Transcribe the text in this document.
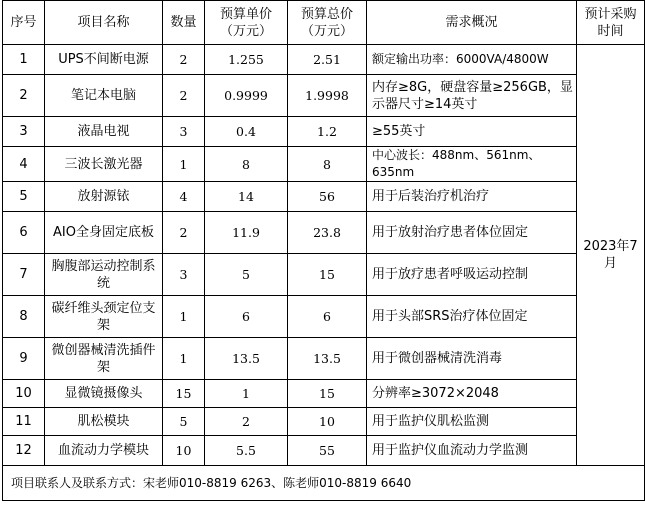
序号	项目名称	数量	预算单价（万元）	预算总价（万元）	需求概况	预计采购时间
1	UPS不间断电源	2	1.255	2.51	额定输出功率：6000VA/4800W	2023年7月
2	笔记本电脑	2	0.9999	1.9998	内存≥8G，硬盘容量≥256GB，显示器尺寸≥14英寸	
3	液晶电视	3	0.4	1.2	≥55英寸	
4	三波长激光器	1	8	8	中心波长：488nm、561nm、635nm	
5	放射源铱	4	14	56	用于后装治疗机治疗	
6	AIO全身固定底板	2	11.9	23.8	用于放射治疗患者体位固定	
7	胸腹部运动控制系统	3	5	15	用于放疗患者呼吸运动控制	
8	碳纤维头颈定位支架	1	6	6	用于头部SRS治疗体位固定	
9	微创器械清洗插件架	1	13.5	13.5	用于微创器械清洗消毒	
10	显微镜摄像头	15	1	15	分辨率≥3072×2048	
11	肌松模块	5	2	10	用于监护仪肌松监测	
12	血流动力学模块	10	5.5	55	用于监护仪血流动力学监测	
项目联系人及联系方式：宋老师010-8819 6263、陈老师010-8819 6640						
